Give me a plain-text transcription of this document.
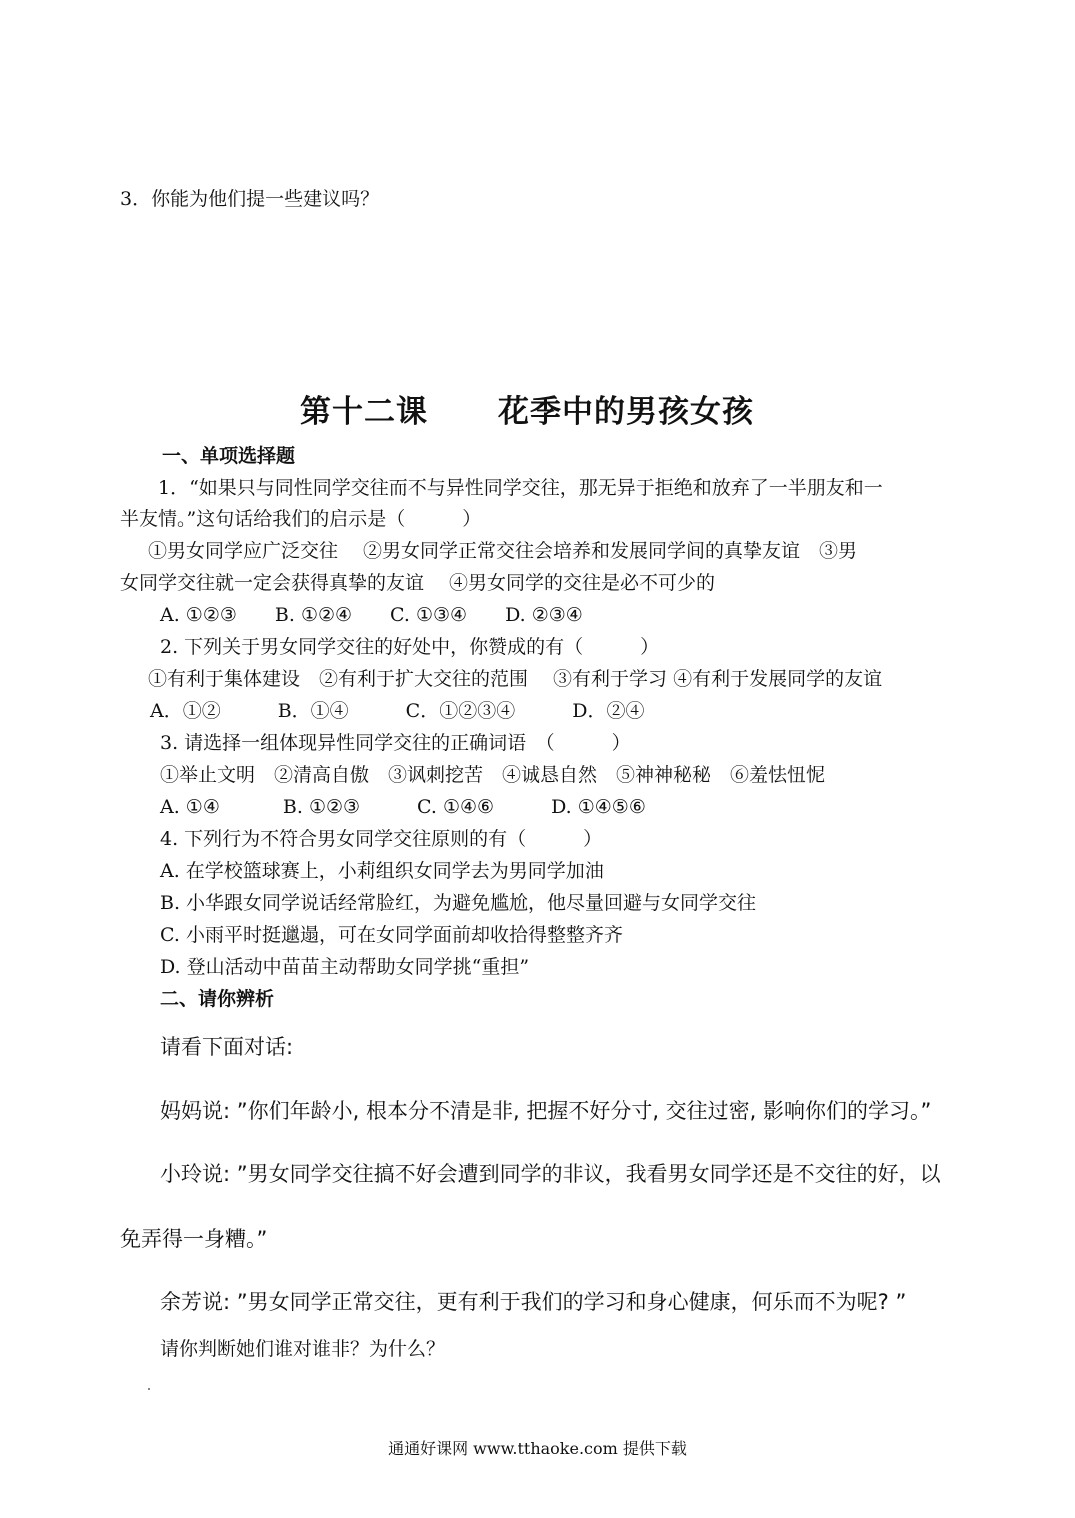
3．你能为他们提一些建议吗？
第十二课 花季中的男孩女孩
一、单项选择题
1．“如果只与同性同学交往而不与异性同学交往，那无异于拒绝和放弃了一半朋友和一
半友情。”这句话给我们的启示是（　　　）
①男女同学应广泛交往　 ②男女同学正常交往会培养和发展同学间的真挚友谊　③男
女同学交往就一定会获得真挚的友谊　 ④男女同学的交往是必不可少的
A. ①②③　　B. ①②④　　C. ①③④　　D. ②③④
2. 下列关于男女同学交往的好处中，你赞成的有（　　　）
①有利于集体建设　②有利于扩大交往的范围　 ③有利于学习 ④有利于发展同学的友谊
A．①②　　　B．①④　　　C．①②③④　　　D．②④
3. 请选择一组体现异性同学交往的正确词语　（　　　）
①举止文明　②清高自傲　③讽刺挖苦　④诚恳自然　⑤神神秘秘　⑥羞怯忸怩
A. ①④　　　 B. ①②③　　　C. ①④⑥　　　D. ①④⑤⑥
4. 下列行为不符合男女同学交往原则的有（　　　）
A. 在学校篮球赛上，小莉组织女同学去为男同学加油
B. 小华跟女同学说话经常脸红，为避免尴尬，他尽量回避与女同学交往
C. 小雨平时挺邋遢，可在女同学面前却收拾得整整齐齐
D. 登山活动中苗苗主动帮助女同学挑“重担”
二、请你辨析
请看下面对话:
妈妈说: ”你们年龄小, 根本分不清是非, 把握不好分寸, 交往过密, 影响你们的学习。”
小玲说: ”男女同学交往搞不好会遭到同学的非议，我看男女同学还是不交往的好，以
免弄得一身糟。”
余芳说: ”男女同学正常交往，更有利于我们的学习和身心健康，何乐而不为呢? ”
请你判断她们谁对谁非？为什么？
通通好课网 www.tthaoke.com 提供下载
